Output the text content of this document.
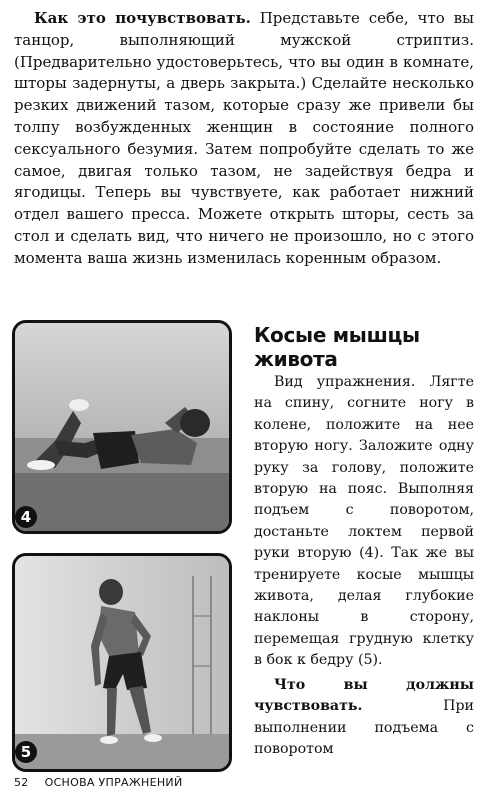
Как это почувствовать. Представьте себе, что вы танцор, выполняющий мужской стриптиз. (Предварительно удостоверьтесь, что вы один в комнате, шторы задернуты, а дверь закрыта.) Сделайте несколько резких движений тазом, которые сразу же привели бы толпу возбужденных женщин в состояние полного сексуального безумия. Затем попробуйте сделать то же самое, двигая только тазом, не задействуя бедра и ягодицы. Теперь вы чувствуете, как работает нижний отдел вашего пресса. Можете открыть шторы, сесть за стол и сделать вид, что ничего не произошло, но с этого момента ваша жизнь изменилась коренным образом.

4
5
Косые мышцы
живота

Вид упражнения. Лягте на спину, согните ногу в колене, положите на нее вторую ногу. Заложите одну руку за голову, положите вторую на пояс. Выполняя подъем с поворотом, достаньте локтем первой руки вторую (4). Так же вы тренируете косые мышцы живота, делая глубокие наклоны в сторону, перемещая грудную клетку в бок к бедру (5).

Что вы должны чувствовать. При выполнении подъема с поворотом

52 ОСНОВА УПРАЖНЕНИЙ
